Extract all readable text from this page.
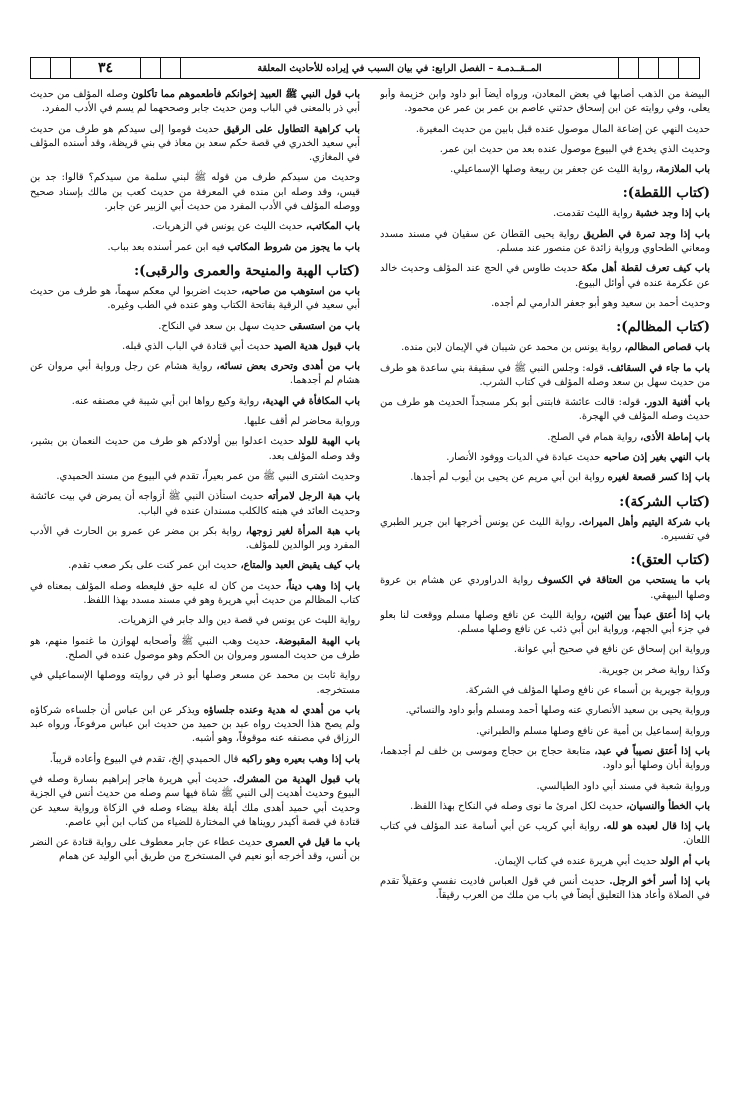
٣٤	المــقــدمـة – الفصل الرابع: في بيان السبب في إيراده للأحاديث المعلقة
البيضة من الذهب أصابها في بعض المعادن، ورواه أيضاً أبو داود وابن خزيمة وأبو يعلى، وفي روايته عن ابن إسحاق حدثني عاصم بن عمر بن عمر عن محمود.
حديث النهي عن إضاعة المال موصول عنده قبل بابين من حديث المغيرة.
وحديث الذي يخدع في البيوع موصول عنده بعد من حديث ابن عمر.
باب الملازمة، رواية الليث عن جعفر بن ربيعة وصلها الإسماعيلي.
(كتاب اللقطة):
باب إذا وجد خشبة رواية الليث تقدمت.
باب إذا وجد تمرة في الطريق رواية يحيى القطان عن سفيان في مسند مسدد ومعاني الطحاوي ورواية زائدة عن منصور عند مسلم.
باب كيف تعرف لقطة أهل مكة حديث طاوس في الحج عند المؤلف وحديث خالد عن عكرمة عنده في أوائل البيوع.
وحديث أحمد بن سعيد وهو أبو جعفر الدارمي لم أجده.
(كتاب المظالم):
باب قصاص المظالم، رواية يونس بن محمد عن شيبان في الإيمان لابن منده.
باب ما جاء في السقائف. قوله: وجلس النبي ﷺ في سقيفة بني ساعدة هو طرف من حديث سهل بن سعد وصله المؤلف في كتاب الشرب.
باب أفنية الدور. قوله: قالت عائشة فابتنى أبو بكر مسجداً الحديث هو طرف من حديث وصله المؤلف في الهجرة.
باب إماطة الأذى، رواية همام في الصلح.
باب النهي بغير إذن صاحبه حديث عبادة في الديات ووفود الأنصار.
باب إذا كسر قصعة لغيره رواية ابن أبي مريم عن يحيى بن أيوب لم أجدها.
(كتاب الشركة):
باب شركة اليتيم وأهل الميراث. رواية الليث عن يونس أخرجها ابن جرير الطبري في تفسيره.
(كتاب العتق):
باب ما يستحب من العتاقة في الكسوف رواية الدراوردي عن هشام بن عروة وصلها البيهقي.
باب إذا أعتق عبداً بين اثنين، رواية الليث عن نافع وصلها مسلم ووقعت لنا بعلو في جزء أبي الجهم، ورواية ابن أبي ذئب عن نافع وصلها مسلم.
ورواية ابن إسحاق عن نافع في صحيح أبي عوانة.
وكذا رواية صخر بن جويرية.
ورواية جويرية بن أسماء عن نافع وصلها المؤلف في الشركة.
ورواية يحيى بن سعيد الأنصاري عنه وصلها أحمد ومسلم وأبو داود والنسائي.
ورواية إسماعيل بن أمية عن نافع وصلها مسلم والطبراني.
باب إذا أعتق نصيباً في عبد، متابعة حجاج بن حجاج وموسى بن خلف لم أجدهما، ورواية أبان وصلها أبو داود.
ورواية شعبة في مسند أبي داود الطيالسي.
باب الخطأ والنسيان، حديث لكل امرئ ما نوى وصله في النكاح بهذا اللفظ.
باب إذا قال لعبده هو لله. رواية أبي كريب عن أبي أسامة عند المؤلف في كتاب اللعان.
باب أم الولد حديث أبي هريرة عنده في كتاب الإيمان.
باب إذا أسر أخو الرجل. حديث أنس في قول العباس فاديت نفسي وعقيلاً تقدم في الصلاة وأعاد هذا التعليق أيضاً في باب من ملك من العرب رقيقاً.
باب قول النبي ﷺ العبيد إخوانكم فأطعموهم مما تأكلون وصله المؤلف من حديث أبي ذر بالمعنى في الباب ومن حديث جابر وصححهما لم يسم في الأدب المفرد.
باب كراهية التطاول على الرقيق حديث قوموا إلى سيدكم هو طرف من حديث أبي سعيد الخدري في قصة حكم سعد بن معاذ في بني قريظة، وقد أسنده المؤلف في المغازي.
وحديث من سيدكم طرف من قوله ﷺ لبني سلمة من سيدكم؟ قالوا: جد بن قيس، وقد وصله ابن منده في المعرفة من حديث كعب بن مالك بإسناد صحيح ووصله المؤلف في الأدب المفرد من حديث أبي الزبير عن جابر.
باب المكاتب، حديث الليث عن يونس في الزهريات.
باب ما يجوز من شروط المكاتب فيه ابن عمر أسنده بعد بباب.
(كتاب الهبة والمنيحة والعمرى والرقبى):
باب من استوهب من صاحبه، حديث اضربوا لي معكم سهماً، هو طرف من حديث أبي سعيد في الرقية بفاتحة الكتاب وهو عنده في الطب وغيره.
باب من استسقى حديث سهل بن سعد في النكاح.
باب قبول هدية الصيد حديث أبي قتادة في الباب الذي قبله.
باب من أهدى وتحرى بعض نسائه، رواية هشام عن رجل ورواية أبي مروان عن هشام لم أجدهما.
باب المكافأة في الهدية، رواية وكيع رواها ابن أبي شيبة في مصنفه عنه.
ورواية محاضر لم أقف عليها.
باب الهبة للولد حديث اعدلوا بين أولادكم هو طرف من حديث النعمان بن بشير، وقد وصله المؤلف بعد.
وحديث اشترى النبي ﷺ من عمر بعيراً، تقدم في البيوع من مسند الحميدي.
باب هبة الرجل لامرأته حديث استأذن النبي ﷺ أزواجه أن يمرض في بيت عائشة وحديث العائد في هبته كالكلب مسندان عنده في الباب.
باب هبة المرأة لغير زوجها، رواية بكر بن مضر عن عمرو بن الحارث في الأدب المفرد وبر الوالدين للمؤلف.
باب كيف يقبض العبد والمتاع، حديث ابن عمر كنت على بكر صعب تقدم.
باب إذا وهب ديناً، حديث من كان له عليه حق فليعطه وصله المؤلف بمعناه في كتاب المظالم من حديث أبي هريرة وهو في مسند مسدد بهذا اللفظ.
رواية الليث عن يونس في قصة دين والد جابر في الزهريات.
باب الهبة المقبوضة. حديث وهب النبي ﷺ وأصحابه لهوازن ما غنموا منهم، هو طرف من حديث المسور ومروان بن الحكم وهو موصول عنده في الصلح.
رواية ثابت بن محمد عن مسعر وصلها أبو ذر في روايته ووصلها الإسماعيلي في مستخرجه.
باب من أهدي له هدية وعنده جلساؤه ويذكر عن ابن عباس أن جلساءه شركاؤه ولم يصح هذا الحديث رواه عبد بن حميد من حديث ابن عباس مرفوعاً، ورواه عبد الرزاق في مصنفه عنه موقوفاً، وهو أشبه.
باب إذا وهب بعيره وهو راكبه قال الحميدي إلخ، تقدم في البيوع وأعاده قريباً.
باب قبول الهدية من المشرك. حديث أبي هريرة هاجر إبراهيم بسارة وصله في البيوع وحديث أهديت إلى النبي ﷺ شاة فيها سم وصله من حديث أنس في الجزية وحديث أبي حميد أهدى ملك أيلة بغلة بيضاء وصله في الزكاة ورواية سعيد عن قتادة في قصة أكيدر رويناها في المختارة للضياء من كتاب ابن أبي عاصم.
باب ما قيل في العمرى حديث عطاء عن جابر معطوف على رواية قتادة عن النضر بن أنس، وقد أخرجه أبو نعيم في المستخرج من طريق أبي الوليد عن همام
